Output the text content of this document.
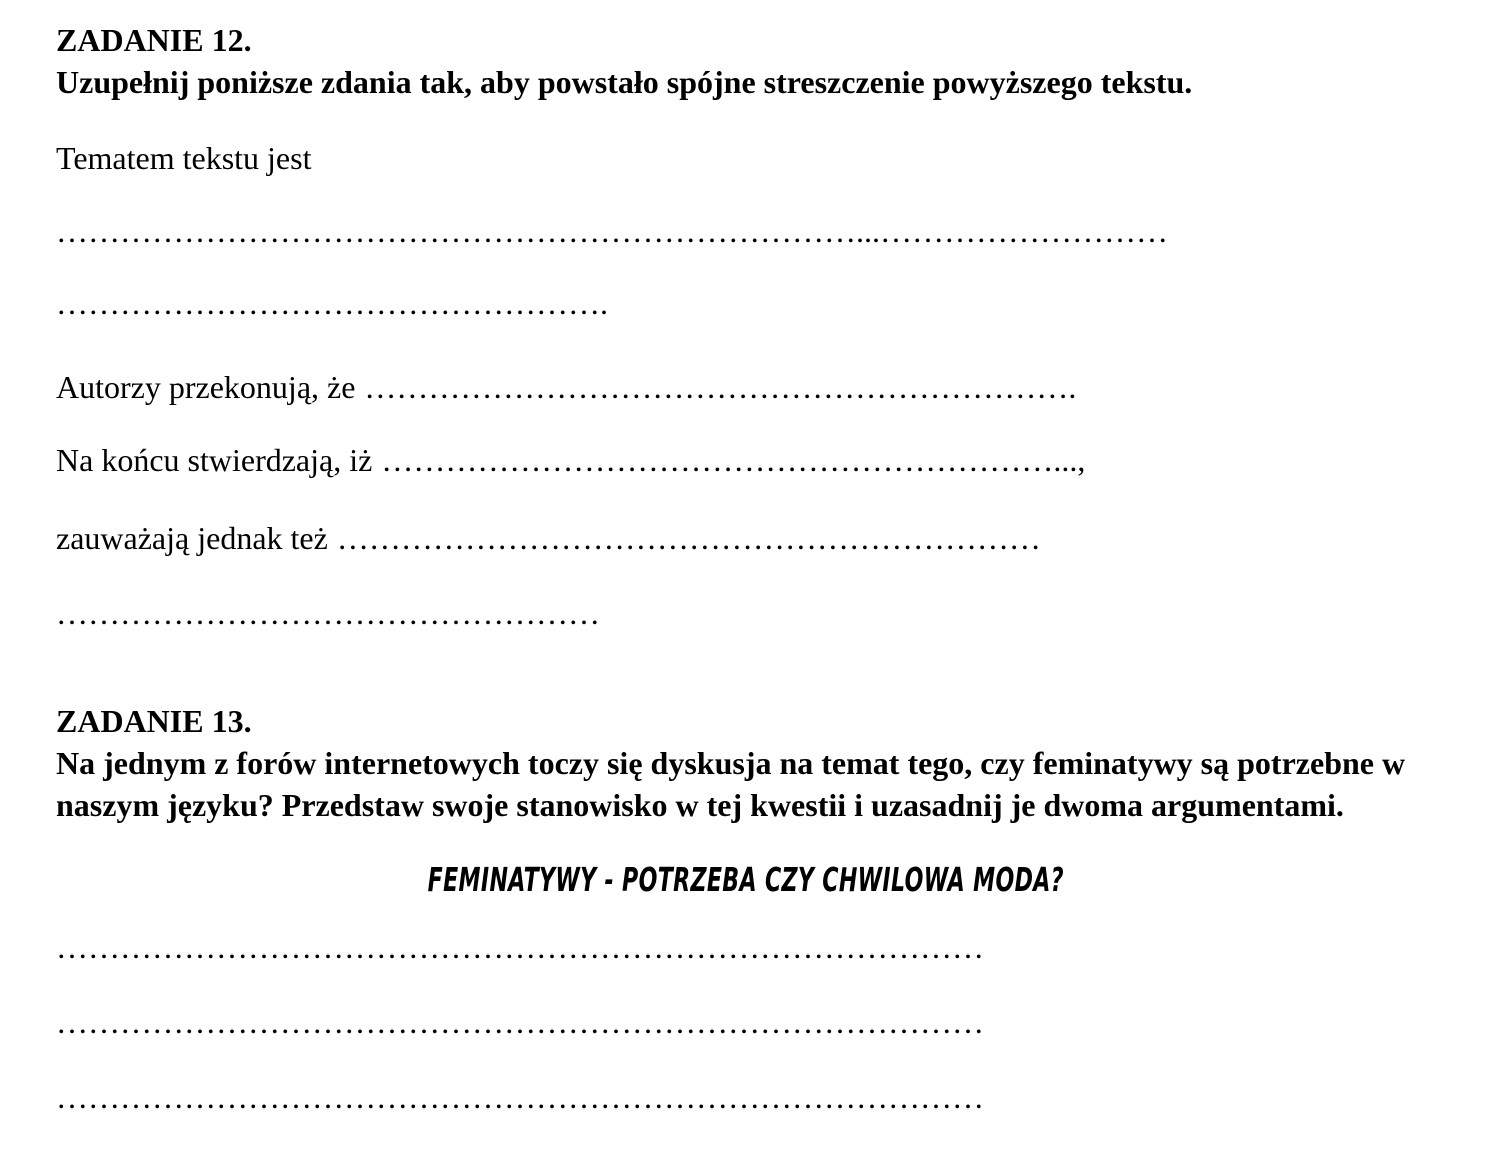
ZADANIE 12.
Uzupełnij poniższe zdania tak, aby powstało spójne streszczenie powyższego tekstu.
Tematem tekstu jest
…………………………………………………………………...………………………
…………………………………………….
Autorzy przekonują, że ………………………………………………………….
Na końcu stwierdzają, iż ………………………………………………………...,
zauważają jednak też …………………………………………………………
……………………………………………
ZADANIE 13.
Na jednym z forów internetowych toczy się dyskusja na temat tego, czy feminatywy są potrzebne w
naszym języku? Przedstaw swoje stanowisko w tej kwestii i uzasadnij je dwoma argumentami.
FEMINATYWY - POTRZEBA CZY CHWILOWA MODA?
……………………………………………………………………………
……………………………………………………………………………
……………………………………………………………………………
